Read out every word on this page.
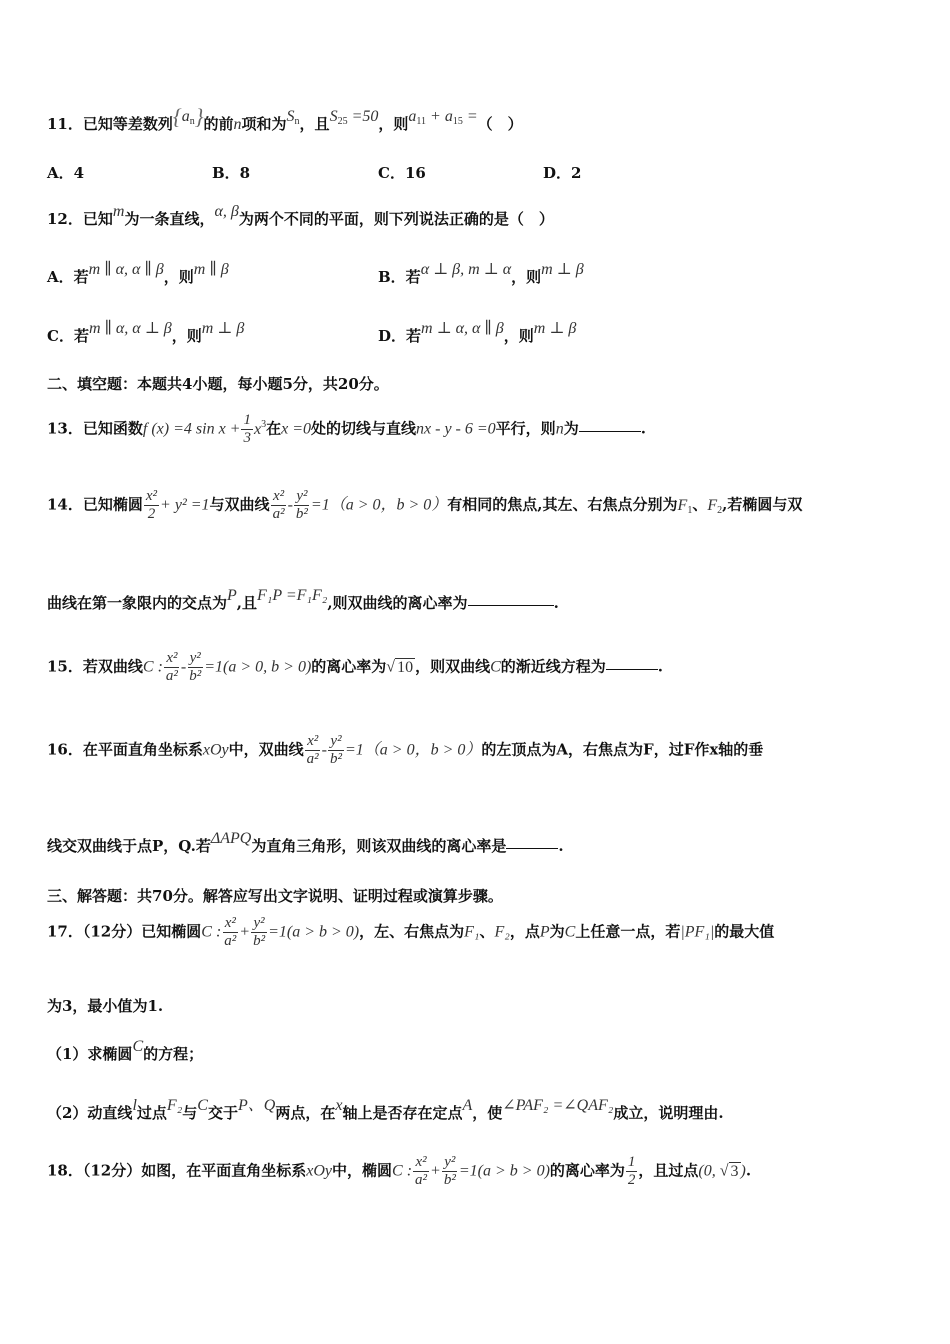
11．已知等差数列$\{a_n\}$的前n项和为$S_n$，且$S_{25} =50$，则$a_{11} + a_{15}$ =（　）
A．4	B．8	C．16	D．2
12．已知m为一条直线，α, β为两个不同的平面，则下列说法正确的是（　）
A．若m ∥ α, α ∥ β，则m ∥ β	B．若α ⊥ β, m ⊥ α，则m ⊥ β
C．若m ∥ α, α ⊥ β，则m ⊥ β	D．若m ⊥ α, α ∥ β，则m ⊥ β
二、填空题：本题共4小题，每小题5分，共20分。
13．已知函数f (x) =4 $\sin x + \frac{1}{3} x^3$在x =0处的切线与直线nx - y - 6 =0平行，则n为	.
14．已知椭圆 $\frac{\text{x²}}{2} + y^2 =1$与双曲线 $\frac{\text{x²}}{\text{a²}} - \frac{\text{y²}}{\text{b²}} =1(a > 0$，b > 0）有相同的焦点,其左、右焦点分别为$F_1$、$F_2$,若椭圆与双
曲线在第一象限内的交点为P,且F₁P =F₁F₂,则双曲线的离心率为	.
15．若双曲线C : $\frac{\text{x²}}{\text{a²}} - \frac{\text{y²}}{\text{b²}} =1(a > 0$, b > 0)的离心率为√ 10 ，则双曲线C的渐近线方程为	.
16．在平面直角坐标系xOy中，双曲线 $\frac{\text{x²}}{\text{a²}} - \frac{\text{y²}}{\text{b²}} =1(a > 0$，b > 0）的左顶点为A，右焦点为F，过F作x轴的垂
线交双曲线于点P，Q.若ΔAPQ为直角三角形，则该双曲线的离心率是	.
三、解答题：共70分。解答应写出文字说明、证明过程或演算步骤。
17．（12分）已知椭圆C : $\frac{\text{x²}}{\text{a²}} + \frac{\text{y²}}{\text{b²}} =1(a > b > 0)$，左、右焦点为F₁、F₂，点P为C上任意一点，若|PF₁|的最大值
为3，最小值为1.
（1）求椭圆C的方程；
（2）动直线l过点F₂与C交于P、Q两点，在x轴上是否存在定点A，使∠PAF₂ =∠QAF₂成立，说明理由.
18．（12分）如图，在平面直角坐标系xOy中，椭圆C : $\frac{\text{x²}}{\text{a²}} + \frac{\text{y²}}{\text{b²}} =1(a > b > 0)$的离心率为 $\frac{1}{2}$ ，且过点(0, √ 3 ).
